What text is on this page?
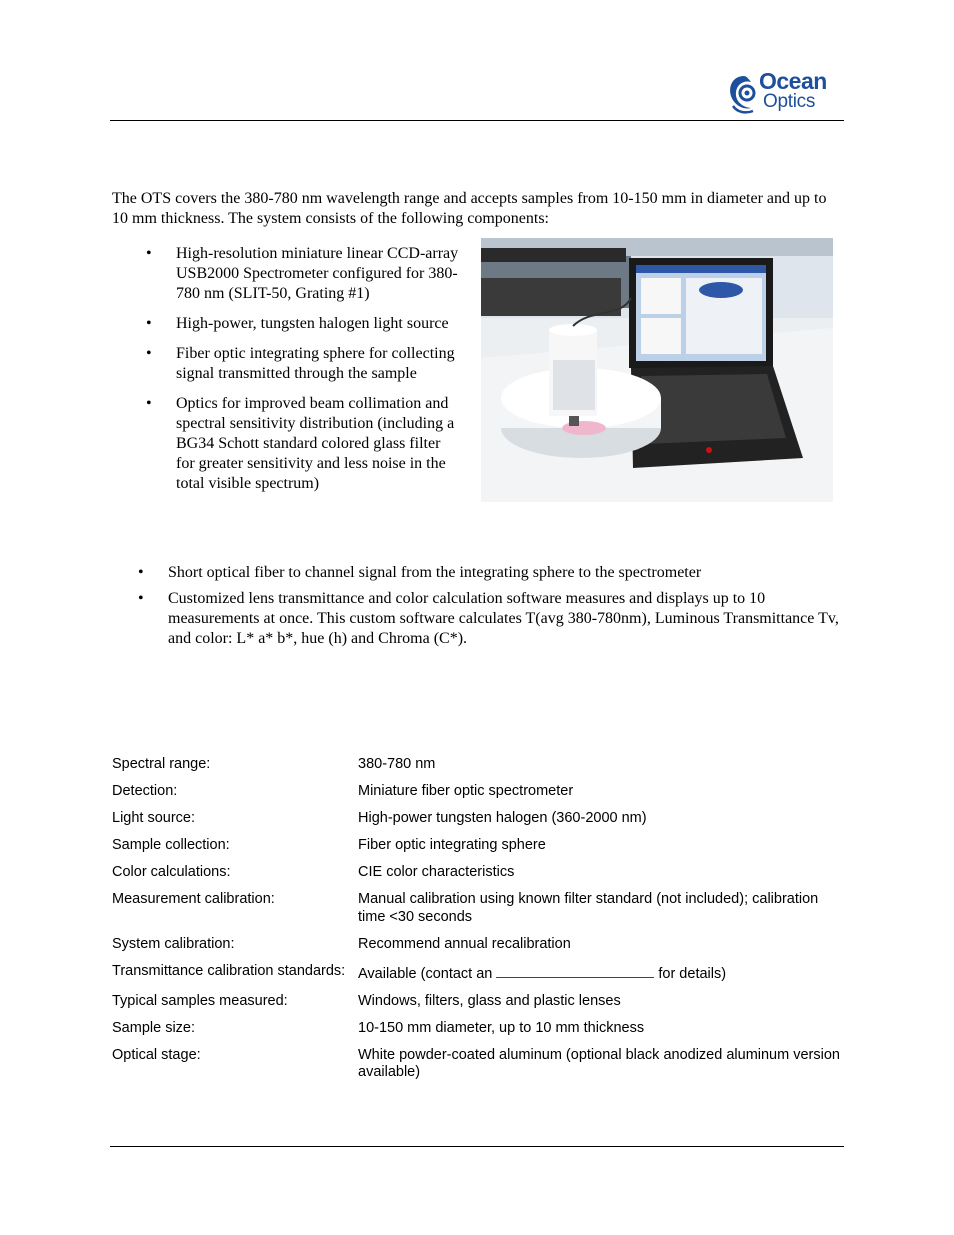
Ocean
Optics

The OTS covers the 380-780 nm wavelength range and accepts samples from 10-150 mm in diameter and up to 10 mm thickness. The system consists of the following components:

• High-resolution miniature linear CCD-array USB2000 Spectrometer configured for 380-780 nm (SLIT-50, Grating #1)
• High-power, tungsten halogen light source
• Fiber optic integrating sphere for collecting signal transmitted through the sample
• Optics for improved beam collimation and spectral sensitivity distribution (including a BG34 Schott standard colored glass filter for greater sensitivity and less noise in the total visible spectrum)
• Short optical fiber to channel signal from the integrating sphere to the spectrometer
• Customized lens transmittance and color calculation software measures and displays up to 10 measurements at once. This custom software calculates T(avg 380-780nm), Luminous Transmittance Tv, and color: L* a* b*, hue (h) and Chroma (C*).
Spectral range:	380-780 nm
Detection:	Miniature fiber optic spectrometer
Light source:	High-power tungsten halogen (360-2000 nm)
Sample collection:	Fiber optic integrating sphere
Color calculations:	CIE color characteristics
Measurement calibration:	Manual calibration using known filter standard (not included); calibration time <30 seconds
System calibration:	Recommend annual recalibration
Transmittance calibration standards:	Available (contact an for details)
Typical samples measured:	Windows, filters, glass and plastic lenses
Sample size:	10-150 mm diameter, up to 10 mm thickness
Optical stage:	White powder-coated aluminum (optional black anodized aluminum version available)
